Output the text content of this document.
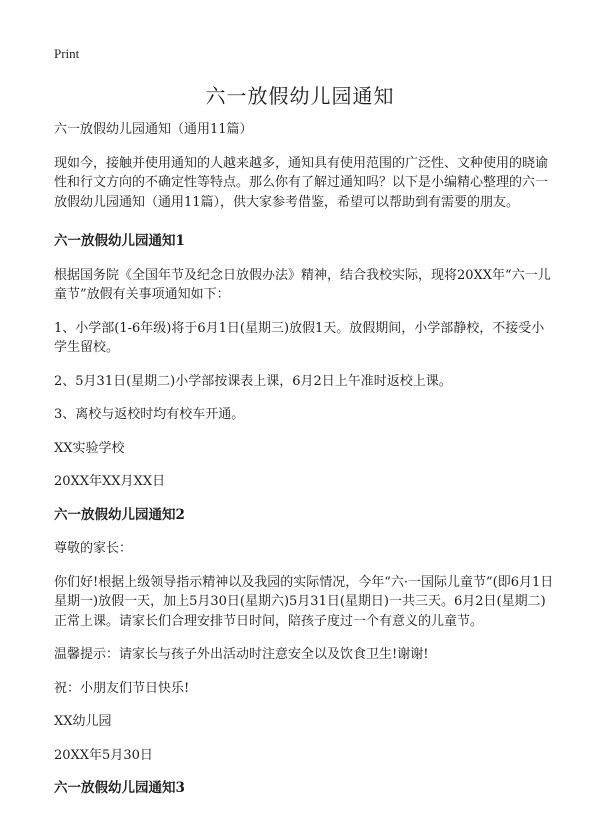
Print
六一放假幼儿园通知

六一放假幼儿园通知（通用11篇）

现如今，接触并使用通知的人越来越多，通知具有使用范围的广泛性、文种使用的晓谕性和行文方向的不确定性等特点。那么你有了解过通知吗？以下是小编精心整理的六一放假幼儿园通知（通用11篇），供大家参考借鉴，希望可以帮助到有需要的朋友。

六一放假幼儿园通知1

根据国务院《全国年节及纪念日放假办法》精神，结合我校实际，现将20XX年“六一儿童节”放假有关事项通知如下：

1、小学部(1-6年级)将于6月1日(星期三)放假1天。放假期间，小学部静校，不接受小学生留校。

2、5月31日(星期二)小学部按课表上课，6月2日上午准时返校上课。

3、离校与返校时均有校车开通。

XX实验学校

20XX年XX月XX日

六一放假幼儿园通知2

尊敬的家长：

你们好!根据上级领导指示精神以及我园的实际情况，今年“六·一国际儿童节”(即6月1日星期一)放假一天，加上5月30日(星期六)5月31日(星期日)一共三天。6月2日(星期二)正常上课。请家长们合理安排节日时间，陪孩子度过一个有意义的儿童节。

温馨提示：请家长与孩子外出活动时注意安全以及饮食卫生!谢谢!

祝：小朋友们节日快乐!

XX幼儿园

20XX年5月30日

六一放假幼儿园通知3
